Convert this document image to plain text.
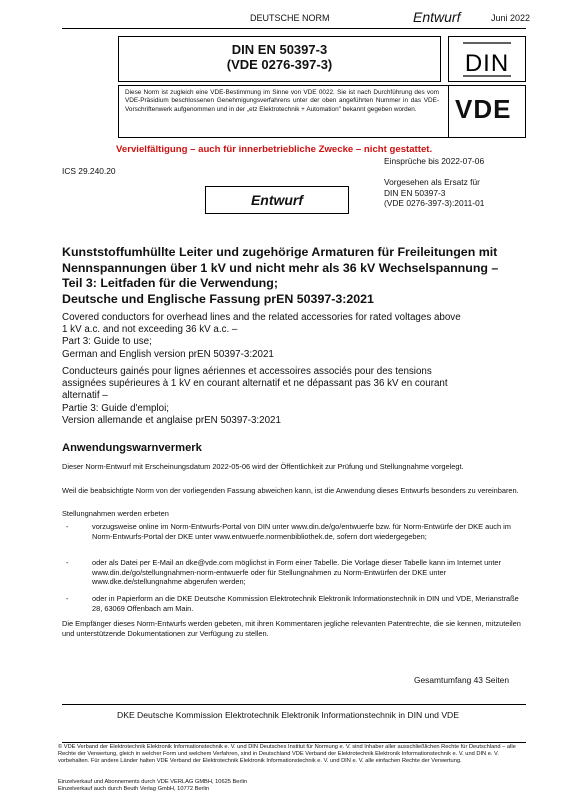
DEUTSCHE NORM	Entwurf	Juni 2022
DIN EN 50397-3
(VDE 0276-397-3)	DIN
Diese Norm ist zugleich eine VDE-Bestimmung im Sinne von VDE 0022. Sie ist nach Durchführung des vom VDE-Präsidium beschlossenen Genehmigungsverfahrens unter der oben angeführten Nummer in das VDE-Vorschriftenwerk aufgenommen und in der „etz Elektrotechnik + Automation" bekannt gegeben worden.	VDE
Vervielfältigung – auch für innerbetriebliche Zwecke – nicht gestattet.
Einsprüche bis 2022-07-06
ICS 29.240.20
Vorgesehen als Ersatz für
DIN EN 50397-3
(VDE 0276-397-3):2011-01
Entwurf
Kunststoffumhüllte Leiter und zugehörige Armaturen für Freileitungen mit
Nennspannungen über 1 kV und nicht mehr als 36 kV Wechselspannung –
Teil 3: Leitfaden für die Verwendung;
Deutsche und Englische Fassung prEN 50397-3:2021
Covered conductors for overhead lines and the related accessories for rated voltages above
1 kV a.c. and not exceeding 36 kV a.c. –
Part 3: Guide to use;
German and English version prEN 50397-3:2021
Conducteurs gainés pour lignes aériennes et accessoires associés pour des tensions
assignées supérieures à 1 kV en courant alternatif et ne dépassant pas 36 kV en courant
alternatif –
Partie 3: Guide d'emploi;
Version allemande et anglaise prEN 50397-3:2021
Anwendungswarnvermerk
Dieser Norm-Entwurf mit Erscheinungsdatum 2022-05-06 wird der Öffentlichkeit zur Prüfung und Stellungnahme vorgelegt.
Weil die beabsichtigte Norm von der vorliegenden Fassung abweichen kann, ist die Anwendung dieses Entwurfs besonders zu vereinbaren.
Stellungnahmen werden erbeten
-	vorzugsweise online im Norm-Entwurfs-Portal von DIN unter www.din.de/go/entwuerfe bzw. für Norm-Entwürfe der DKE auch im Norm-Entwurfs-Portal der DKE unter www.entwuerfe.normenbibliothek.de, sofern dort wiedergegeben;
-	oder als Datei per E-Mail an dke@vde.com möglichst in Form einer Tabelle. Die Vorlage dieser Tabelle kann im Internet unter www.din.de/go/stellungnahmen-norm-entwuerfe oder für Stellungnahmen zu Norm-Entwürfen der DKE unter www.dke.de/stellungnahme abgerufen werden;
-	oder in Papierform an die DKE Deutsche Kommission Elektrotechnik Elektronik Informationstechnik in DIN und VDE, Merianstraße 28, 63069 Offenbach am Main.
Die Empfänger dieses Norm-Entwurfs werden gebeten, mit ihren Kommentaren jegliche relevanten Patentrechte, die sie kennen, mitzuteilen und unterstützende Dokumentationen zur Verfügung zu stellen.
Gesamtumfang 43 Seiten
DKE Deutsche Kommission Elektrotechnik Elektronik Informationstechnik in DIN und VDE
© VDE Verband der Elektrotechnik Elektronik Informationstechnik e. V. und DIN Deutsches Institut für Normung e. V. sind Inhaber aller ausschließlichen Rechte für Deutschland – alle Rechte der Verwertung, gleich in welcher Form und welchem Verfahren, sind in Deutschland VDE Verband der Elektrotechnik Elektronik Informationstechnik e. V. und DIN e. V. vorbehalten. Für andere Länder halten VDE Verband der Elektrotechnik Elektronik Informationstechnik e. V. und DIN e. V. alle einfachen Rechte der Verwertung.
Einzelverkauf und Abonnements durch VDE VERLAG GMBH, 10625 Berlin
Einzelverkauf auch durch Beuth Verlag GmbH, 10772 Berlin
